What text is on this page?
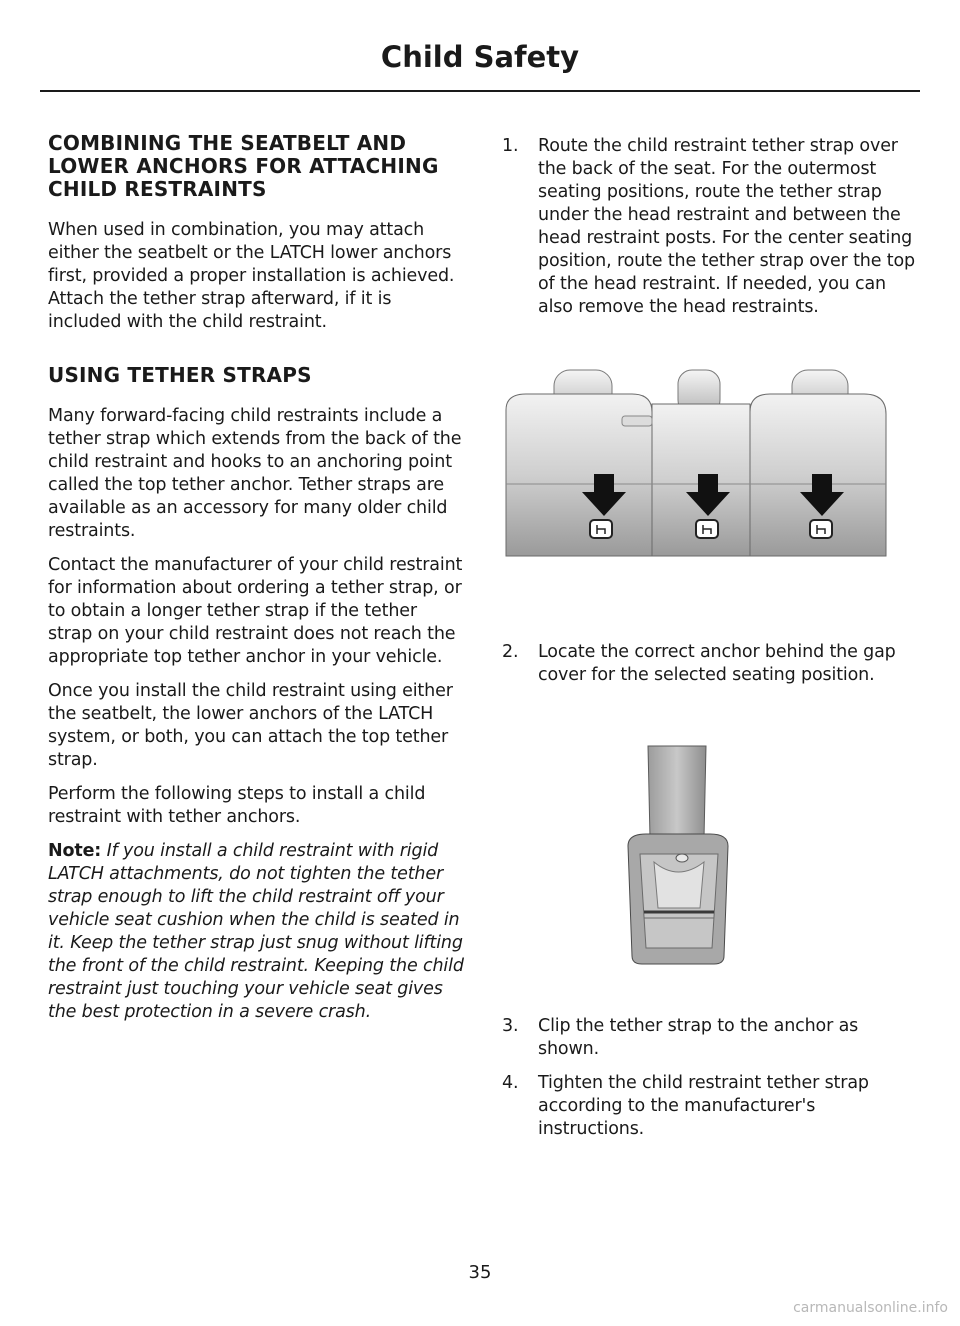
Child Safety
COMBINING THE SEATBELT AND LOWER ANCHORS FOR ATTACHING CHILD RESTRAINTS

When used in combination, you may attach either the seatbelt or the LATCH lower anchors first, provided a proper installation is achieved. Attach the tether strap afterward, if it is included with the child restraint.

USING TETHER STRAPS

Many forward-facing child restraints include a tether strap which extends from the back of the child restraint and hooks to an anchoring point called the top tether anchor. Tether straps are available as an accessory for many older child restraints.

Contact the manufacturer of your child restraint for information about ordering a tether strap, or to obtain a longer tether strap if the tether strap on your child restraint does not reach the appropriate top tether anchor in your vehicle.

Once you install the child restraint using either the seatbelt, the lower anchors of the LATCH system, or both, you can attach the top tether strap.

Perform the following steps to install a child restraint with tether anchors.

Note: If you install a child restraint with rigid LATCH attachments, do not tighten the tether strap enough to lift the child restraint off your vehicle seat cushion when the child is seated in it. Keep the tether strap just snug without lifting the front of the child restraint. Keeping the child restraint just touching your vehicle seat gives the best protection in a severe crash.

1.	Route the child restraint tether strap over the back of the seat. For the outermost seating positions, route the tether strap under the head restraint and between the head restraint posts. For the center seating position, route the tether strap over the top of the head restraint. If needed, you can also remove the head restraints.
2.	Locate the correct anchor behind the gap cover for the selected seating position.
3.	Clip the tether strap to the anchor as shown.
4.	Tighten the child restraint tether strap according to the manufacturer's instructions.
35
carmanualsonline.info
